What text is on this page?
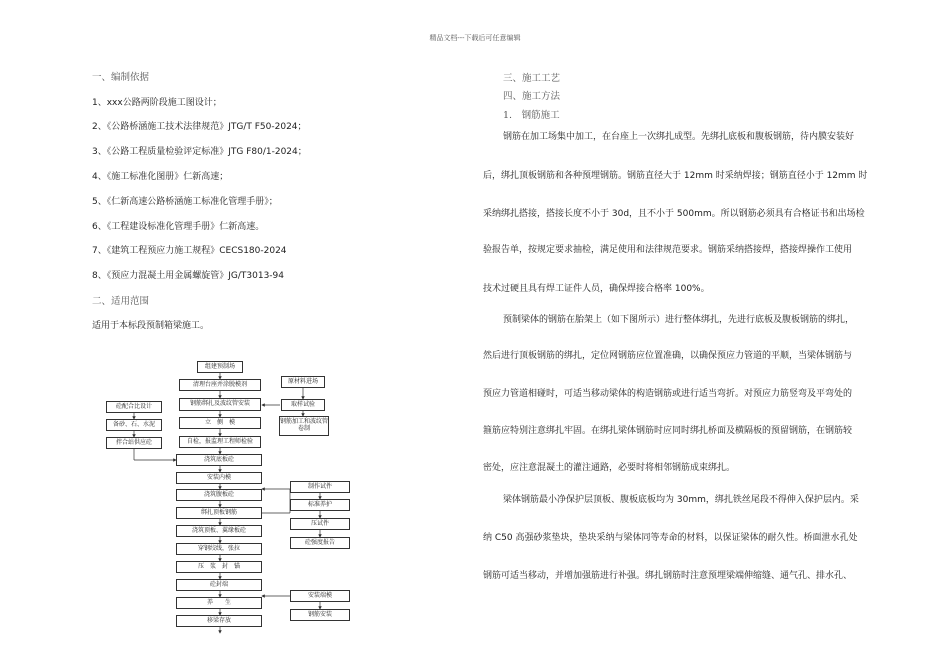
精品文档---下载后可任意编辑
一、编制依据
1、xxx公路两阶段施工图设计；
2、《公路桥涵施工技术法律规范》JTG/T F50-2024；
3、《公路工程质量检验评定标准》JTG F80/1-2024；
4、《施工标准化图册》仁新高速；
5、《仁新高速公路桥涵施工标准化管理手册》；
6、《工程建设标准化管理手册》仁新高速。
7、《建筑工程预应力施工规程》CECS180-2024
8、《预应力混凝土用金属螺旋管》JG/T3013-94
二、适用范围
适用于本标段预制箱梁施工。
组建预制场
清理台座并涂脱模剂
钢筋绑扎及波纹管安装
立　侧　模
自检，报监理工程师检验
浇筑底板砼
安装内模
浇筑腹板砼
绑扎顶板钢筋
浇筑顶板、翼缘板砼
穿钢绞线，张拉
压　浆　封　锚
砼封端
养　　生
移梁存放
砼配合比设计
备砂、石、水泥
拌合站供应砼
原材料进场
取样试验
钢筋加工和波纹管卷制
制作试件
标准养护
压试件
砼强度报告
安装端模
钢筋安装
三、施工工艺
四、施工方法
1.　钢筋施工
钢筋在加工场集中加工，在台座上一次绑扎成型。先绑扎底板和腹板钢筋，待内膜安装好
后，绑扎顶板钢筋和各种预埋钢筋。钢筋直径大于 12mm 时采纳焊接；钢筋直径小于 12mm 时
采纳绑扎搭接，搭接长度不小于 30d，且不小于 500mm。所以钢筋必须具有合格证书和出场检
验报告单，按规定要求抽检，满足使用和法律规范要求。钢筋采纳搭接焊，搭接焊操作工使用
技术过硬且具有焊工证件人员，确保焊接合格率 100%。
预制梁体的钢筋在胎架上（如下图所示）进行整体绑扎，先进行底板及腹板钢筋的绑扎，
然后进行顶板钢筋的绑扎，定位网钢筋应位置准确，以确保预应力管道的平顺，当梁体钢筋与
预应力管道相碰时，可适当移动梁体的构造钢筋或进行适当弯折。对预应力筋竖弯及平弯处的
箍筋应特别注意绑扎牢固。在绑扎梁体钢筋时应同时绑扎桥面及横隔板的预留钢筋，在钢筋较
密处，应注意混凝土的灌注通路，必要时将相邻钢筋成束绑扎。
梁体钢筋最小净保护层顶板、腹板底板均为 30mm，绑扎铁丝尾段不得伸入保护层内。采
纳 C50 高强砂浆垫块，垫块采纳与梁体同等寿命的材料，以保证梁体的耐久性。桥面泄水孔处
钢筋可适当移动，并增加强筋进行补强。绑扎钢筋时注意预埋梁端伸缩缝、通气孔、排水孔、
